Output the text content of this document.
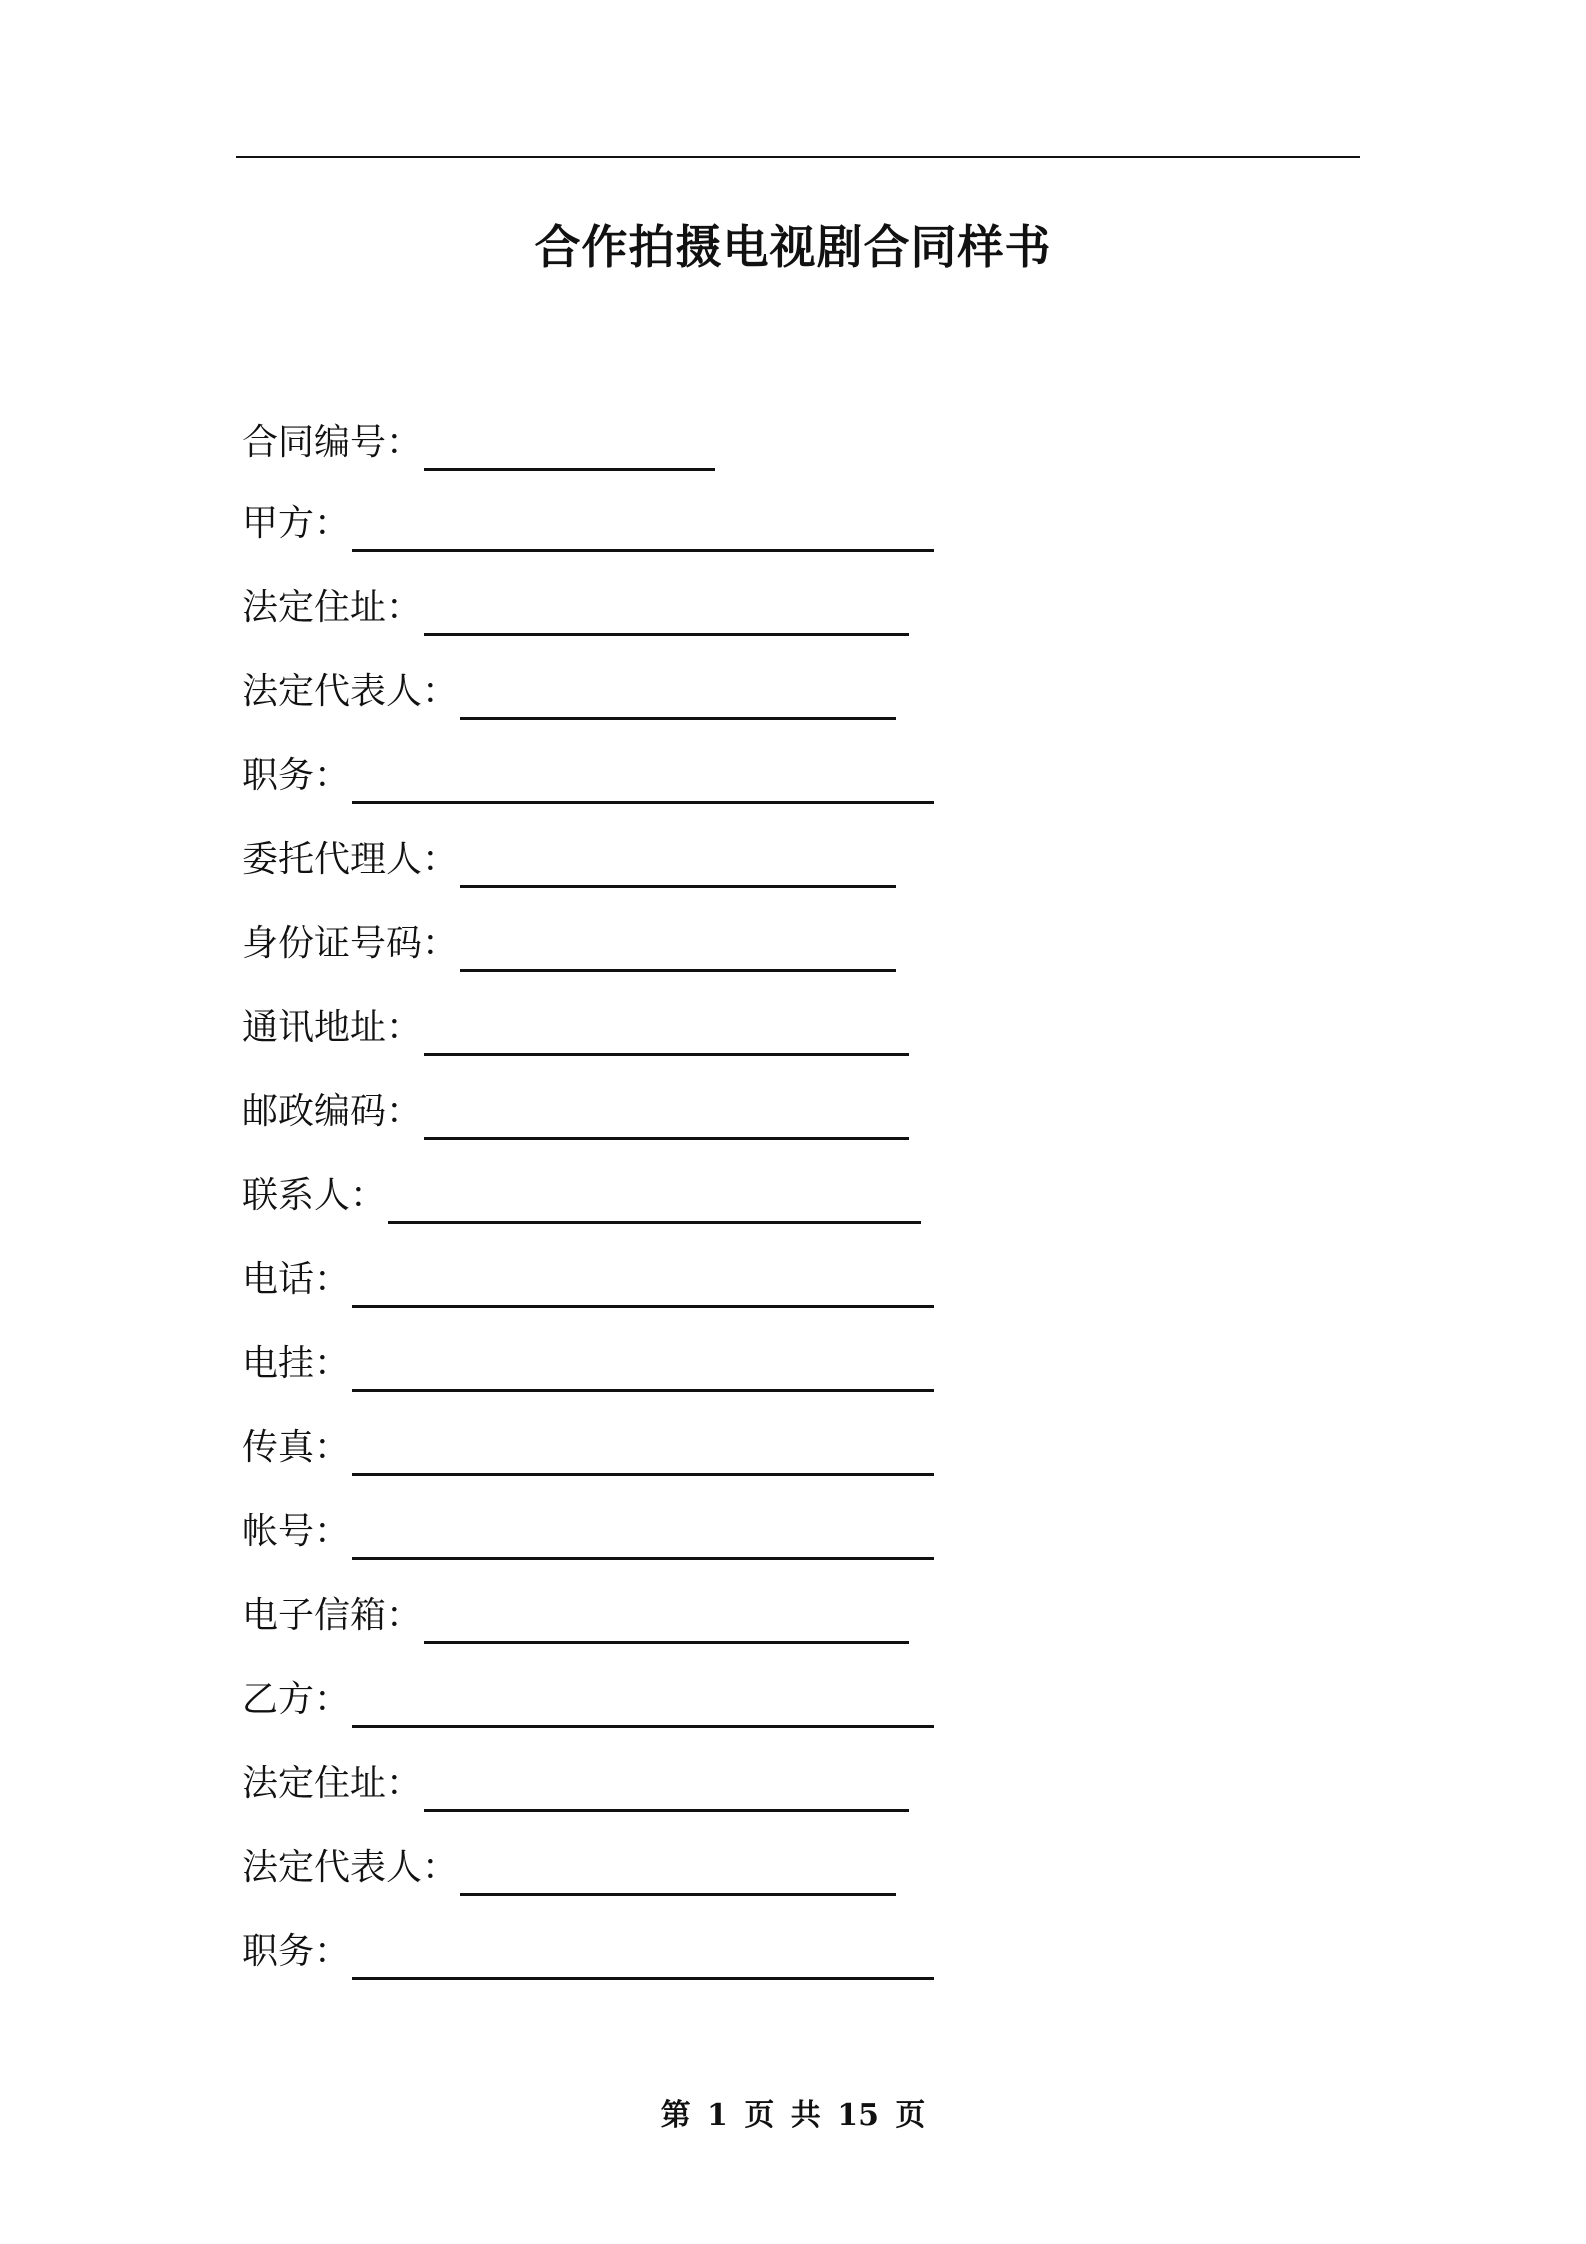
合作拍摄电视剧合同样书
合同编号：
甲方：
法定住址：
法定代表人：
职务：
委托代理人：
身份证号码：
通讯地址：
邮政编码：
联系人：
电话：
电挂：
传真：
帐号：
电子信箱：
乙方：
法定住址：
法定代表人：
职务：
第 1 页 共 15 页
